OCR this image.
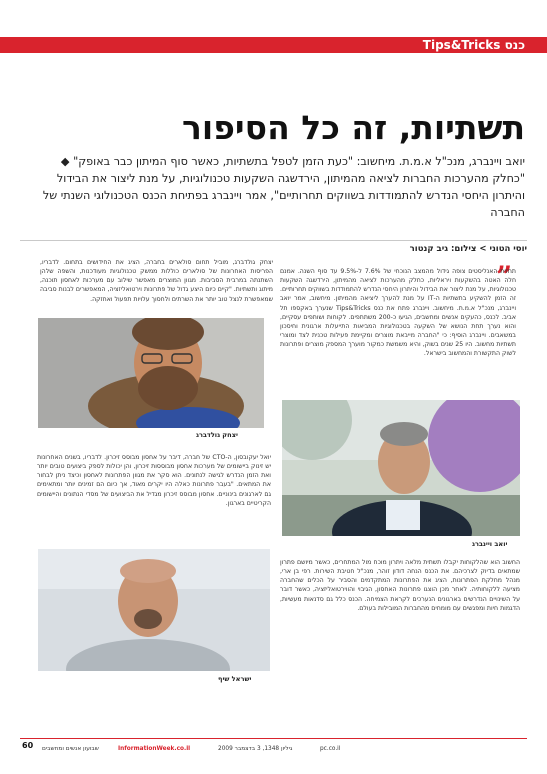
Tips&Tricks כנס
תשתיות, זה כל הסיפור
יואב ויינברג, מנכ"ל א.מ.ת. מיחשוב: "כעת הזמן לטפל בתשתיות, כאשר סוף המיתון כבר באופק" ◆ "כחלק מהערכות החברות לציאה מהמיתון, הירדשגה השקעות טכנולוגיות, על מנת ליצור את הבידול והיתרון היחסי הנדרש להתמודדות בשווקים תחרותיים", אמר ויינברג בפתיחת הכנס הטכנולוגי השנתי של החברה
יוסי הטוני > צילום: גיב קנטור
”
תחזית האנליסטים צופה גידול מהמצב הנוכחי של 7.6% ל-9.5% עד סוף השנה. אמנם חלה האטה בהשקעות ויראליות, כחלק מהערכות לציאה מהמיתון, הירדשגה השקעות טכנולוגיות, על מנת ליצור את הבידול והיתרון היחסי הנדרש להתמודדות בשווקים תחרותיים. זה הזמן להשקיע בתשתיות ה-IT על מנת להערך ליציאה מהמיתון. מיחשוב, אמר יואב ויינברג, מנכ"ל א.מ.ת. מיחשוב. ויינברג פתח את כנס Tips&Tricks שנערך באקספו תל אביב. לכנס, כהעקים אנשים ומחשבים, הגיעו כ-200 משתתפים. לקוחות ושותפים עסקיים, והוא נערך תחת הנושא של השקעה בטכנולוגיות המביאות התייעלות ארגונית וחיסכון במשאבים. ויינברג הוסיף: כי "החברה מייבאת מוצרים ומקיימת פעילות טכנית לצד ומוצרי תשתיות מחשוב. היו 25 שנים בשוק, והיא משמשת כמקור מוערך המספק מוצרים ופתרונות לשוק התקשורת והמחשוב בישראל.
יצחק גולדברג, מוביל תחום סולארים בחברה, הציג את החידושים בתחום. לדבריו, הפריסות האחרונות של סולארים כוללות ממשק טכנולוגיות מעודכנות, והשפה שלהן השתנתה במרבית הסביבות. מגוון המוצרים מאפשר שילוב עם מערכות לאחסון תוכנה, מיתוג ותשתיות. "קיים כיום היצע גדול של פתרונות וירטואליזציה, המאפשרים לבנות סביבה שמאפשרת לנצל טוב יותר את השרתים ולחסוך עלויות תפעול ואחזקה.
יצחק גולדברג
יואל יעקובסון, ה-CTO של חברה, דיבר על אחסון מבוסס זיכרון. לדבריו, בשנים האחרונות יש זינוק ביישומים של מערכות אחסון מבוססות זיכרון, והן יכולות לספק ביצועים טובים יותר ואת הזמן הנדרש לגישה לנתונים. הוא סקר את מגוון הפתרונות לאחסון וכיצד ניתן לבחור את המתאים. "בעבר פתרונות כאלה היו יקרים מאוד, אך כיום הם זמינים יותר ומתאימים גם לארגונים בינוניים. אחסון מבוסס זיכרון מגדיל את הביצועים של מסדי הנתונים והיישומים הקריטיים בארגון.
יואב ויינברג
ישראל שיף
החשוב הוא שהלקוחות יקבלו תשתית מלאה ויתרון מוכח מול המתחרים, כאשר מיושם פתרון שמתאים בדיוק לצרכיהם. את הכנס הנחה דודון זוהר, מנכ"ל חטיבת השירות. רפי בן ארי, מנהל מחלקת הפתרונות, הציג את הפתרונות המתקדמים והסביר על הכלים שהחברה מציעה ללקוחותיה. לאחר מכן הוצגו פתרונות האחסון, הגיבוי והווירטואליזציה, כאשר דובר על השינויים הנדרשים בארגונים הנערכים לקראת הצמיחה. הכנס כלל גם סדנאות מעשיות, הדגמות חיות ומפגשים עם מומחים מהחברות המובילות בעולם.
60 שבועון אנשים ומחשבים	InformationWeek.co.il	גיליון 1348, 3 בדצמבר 2009	pc.co.il
